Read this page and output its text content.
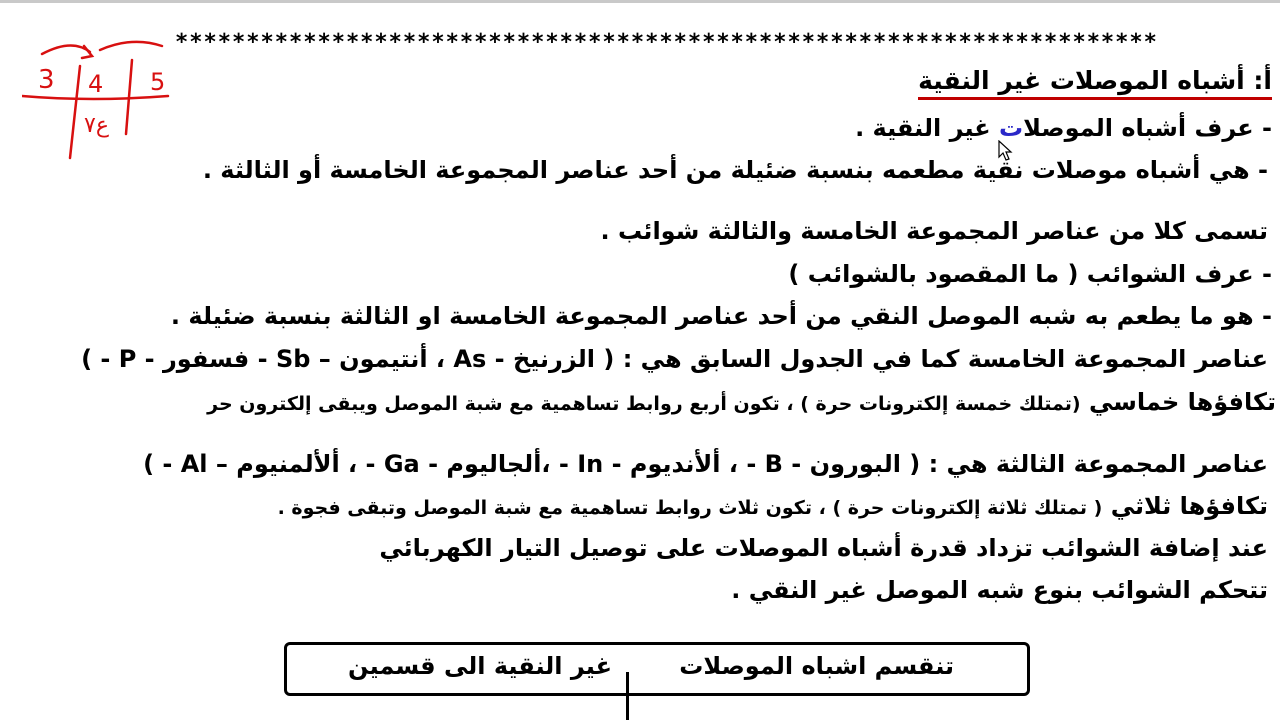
*********************************************************************
3 4 5
ع٧
أ: أشباه الموصلات غير النقية
- عرف أشباه الموصلات غير النقية .
- هي أشباه موصلات نقية مطعمه بنسبة ضئيلة من أحد عناصر المجموعة الخامسة أو الثالثة .
تسمى كلا من عناصر المجموعة الخامسة والثالثة شوائب .
- عرف الشوائب ( ما المقصود بالشوائب )
- هو ما يطعم به شبه الموصل النقي من أحد عناصر المجموعة الخامسة او الثالثة بنسبة ضئيلة .
عناصر المجموعة الخامسة كما في الجدول السابق هي : ( الزرنيخ - As ، أنتيمون – Sb - فسفور - P - )
تكافؤها خماسي (تمتلك خمسة إلكترونات حرة ) ، تكون أربع روابط تساهمية مع شبة الموصل ويبقى إلكترون حر
عناصر المجموعة الثالثة هي : ( البورون - B - ، ألأنديوم - In - ،ألجاليوم - Ga - ، ألألمنيوم – Al - )
تكافؤها ثلاثي ( تمتلك ثلاثة إلكترونات حرة ) ، تكون ثلاث روابط تساهمية مع شبة الموصل وتبقى فجوة .
عند إضافة الشوائب تزداد قدرة أشباه الموصلات على توصيل التيار الكهربائي
تتحكم الشوائب بنوع شبه الموصل غير النقي .
تنقسم اشباه الموصلات
غير النقية الى قسمين
